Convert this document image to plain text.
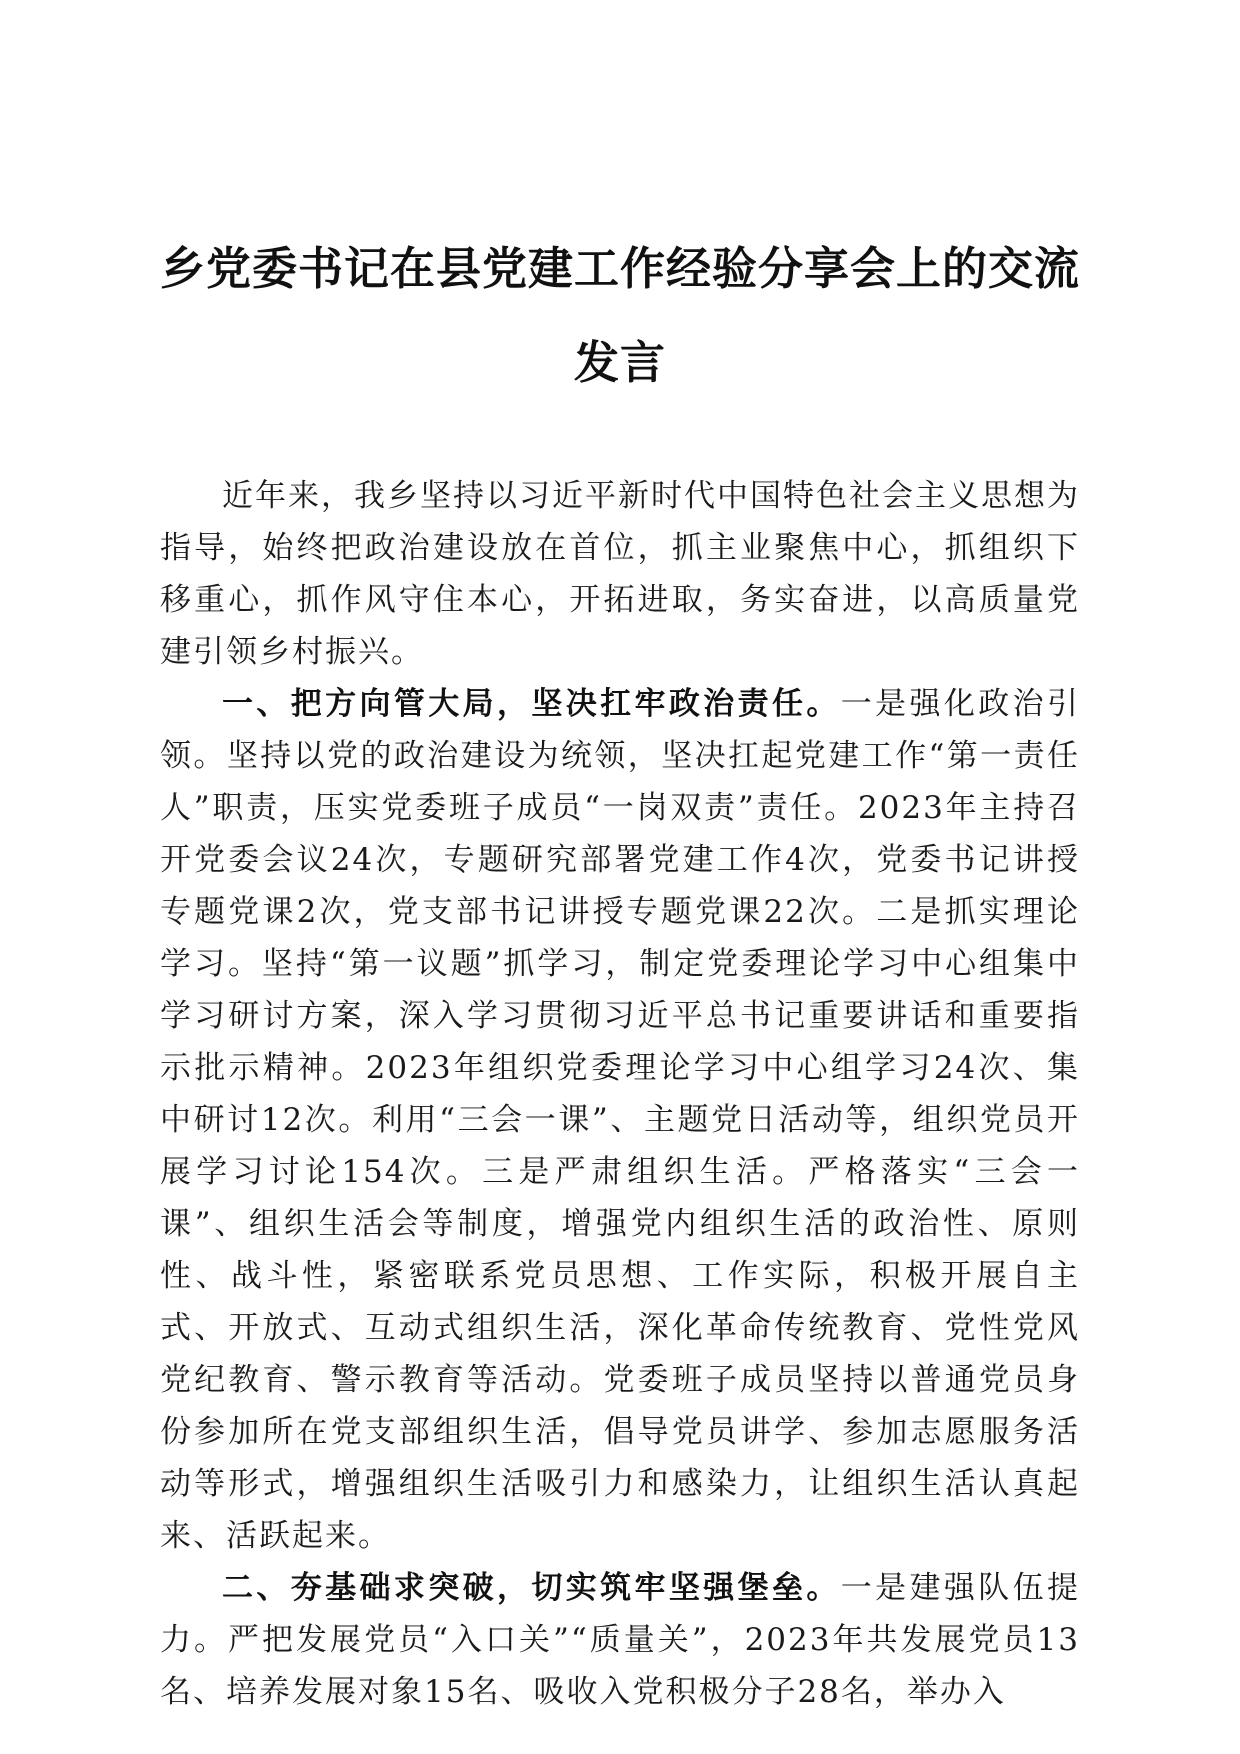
乡党委书记在县党建工作经验分享会上的交流
发言

近年来，我乡坚持以习近平新时代中国特色社会主义思想为指导，始终把政治建设放在首位，抓主业聚焦中心，抓组织下移重心，抓作风守住本心，开拓进取，务实奋进，以高质量党建引领乡村振兴。

一、把方向管大局，坚决扛牢政治责任。一是强化政治引领。坚持以党的政治建设为统领，坚决扛起党建工作“第一责任人”职责，压实党委班子成员“一岗双责”责任。2023年主持召开党委会议24次，专题研究部署党建工作4次，党委书记讲授专题党课2次，党支部书记讲授专题党课22次。二是抓实理论学习。坚持“第一议题”抓学习，制定党委理论学习中心组集中学习研讨方案，深入学习贯彻习近平总书记重要讲话和重要指示批示精神。2023年组织党委理论学习中心组学习24次、集中研讨12次。利用“三会一课”、主题党日活动等，组织党员开展学习讨论154次。三是严肃组织生活。严格落实“三会一课”、组织生活会等制度，增强党内组织生活的政治性、原则性、战斗性，紧密联系党员思想、工作实际，积极开展自主式、开放式、互动式组织生活，深化革命传统教育、党性党风党纪教育、警示教育等活动。党委班子成员坚持以普通党员身份参加所在党支部组织生活，倡导党员讲学、参加志愿服务活动等形式，增强组织生活吸引力和感染力，让组织生活认真起来、活跃起来。

二、夯基础求突破，切实筑牢坚强堡垒。一是建强队伍提力。严把发展党员“入口关”“质量关”，2023年共发展党员13名、培养发展对象15名、吸收入党积极分子28名，举办入
